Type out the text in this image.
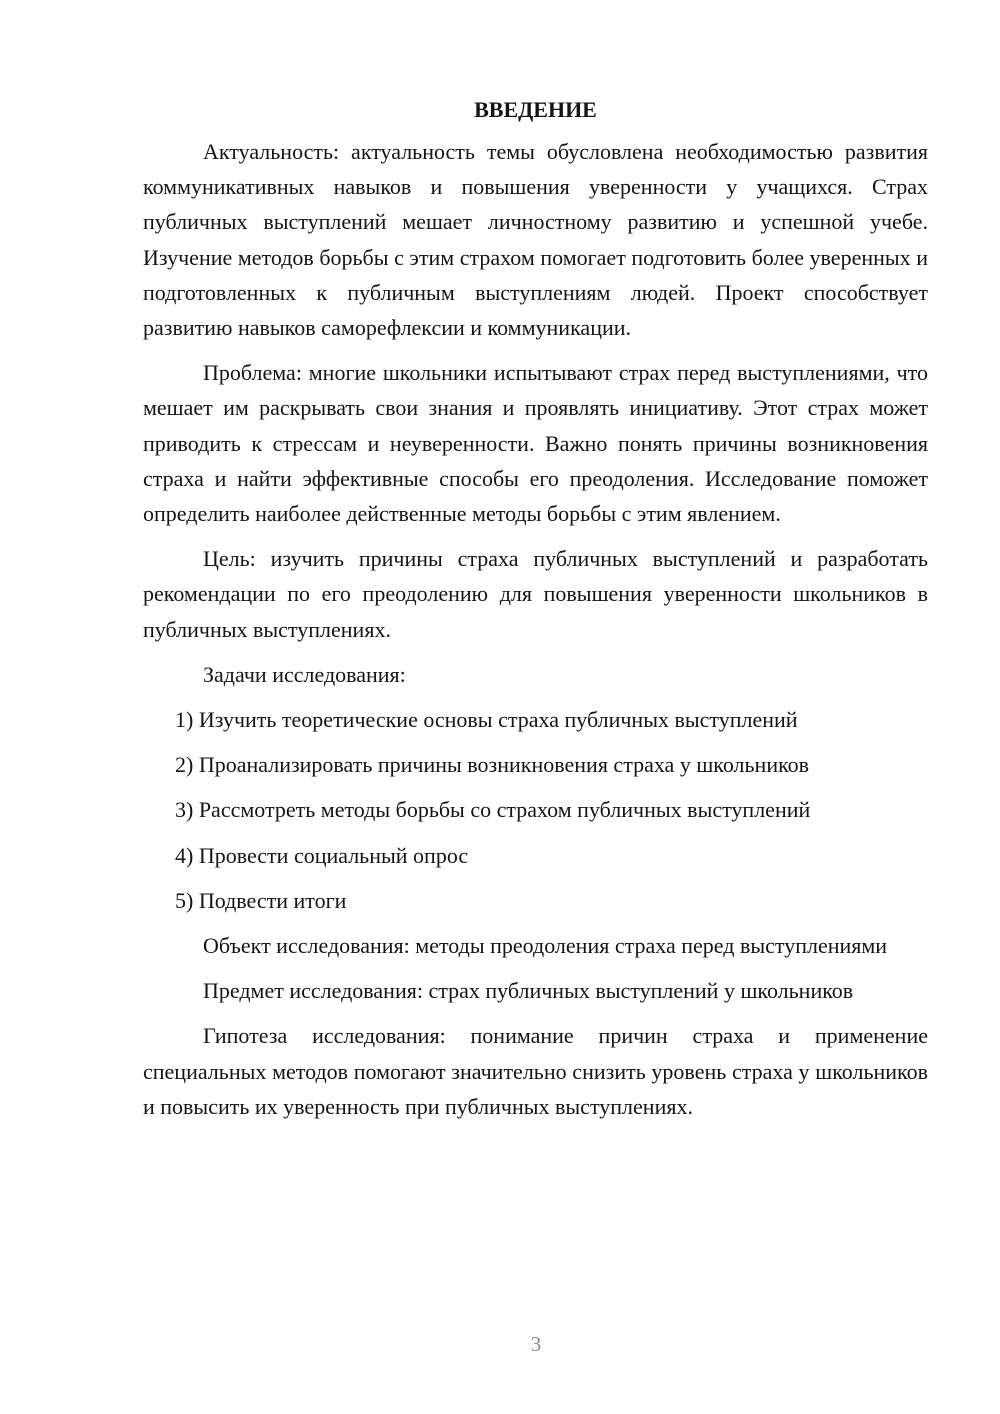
ВВЕДЕНИЕ

Актуальность: актуальность темы обусловлена необходимостью развития коммуникативных навыков и повышения уверенности у учащихся. Страх публичных выступлений мешает личностному развитию и успешной учебе. Изучение методов борьбы с этим страхом помогает подготовить более уверенных и подготовленных к публичным выступлениям людей. Проект способствует развитию навыков саморефлексии и коммуникации.

Проблема: многие школьники испытывают страх перед выступлениями, что мешает им раскрывать свои знания и проявлять инициативу. Этот страх может приводить к стрессам и неуверенности. Важно понять причины возникновения страха и найти эффективные способы его преодоления. Исследование поможет определить наиболее действенные методы борьбы с этим явлением.

Цель: изучить причины страха публичных выступлений и разработать рекомендации по его преодолению для повышения уверенности школьников в публичных выступлениях.

Задачи исследования:

1) Изучить теоретические основы страха публичных выступлений
2) Проанализировать причины возникновения страха у школьников
3) Рассмотреть методы борьбы со страхом публичных выступлений
4) Провести социальный опрос
5) Подвести итоги

Объект исследования: методы преодоления страха перед выступлениями

Предмет исследования: страх публичных выступлений у школьников

Гипотеза исследования: понимание причин страха и применение специальных методов помогают значительно снизить уровень страха у школьников и повысить их уверенность при публичных выступлениях.

3
